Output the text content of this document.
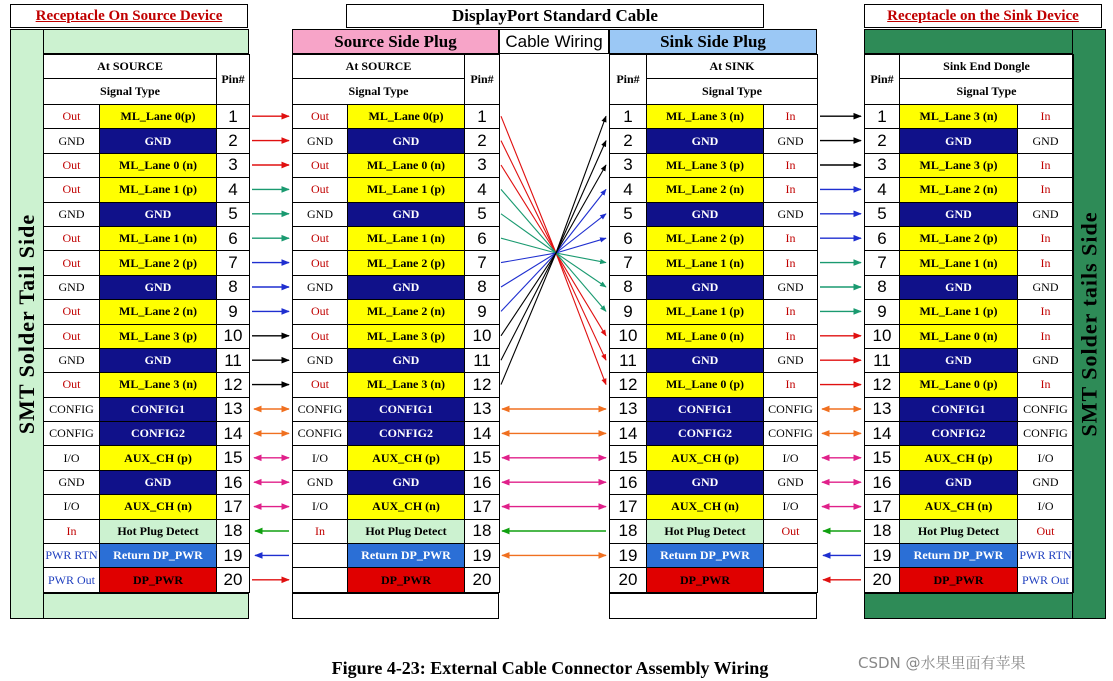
Receptacle On Source Device	DisplayPort Standard Cable	Receptacle on the Sink Device
Source Side Plug	Cable Wiring	Sink Side Plug
SMT Solder Tail Side	SMT Solder tails Side
At SOURCE		Pin#
Signal Type		
Out	ML_Lane 0(p)	1
GND	GND	2
Out	ML_Lane 0 (n)	3
Out	ML_Lane 1 (p)	4
GND	GND	5
Out	ML_Lane 1 (n)	6
Out	ML_Lane 2 (p)	7
GND	GND	8
Out	ML_Lane 2 (n)	9
Out	ML_Lane 3 (p)	10
GND	GND	11
Out	ML_Lane 3 (n)	12
CONFIG	CONFIG1	13
CONFIG	CONFIG2	14
I/O	AUX_CH (p)	15
GND	GND	16
I/O	AUX_CH (n)	17
In	Hot Plug Detect	18
PWR RTN	Return DP_PWR	19
PWR Out	DP_PWR	20
At SOURCE		Pin#
Signal Type		
Out	ML_Lane 0(p)	1
GND	GND	2
Out	ML_Lane 0 (n)	3
Out	ML_Lane 1 (p)	4
GND	GND	5
Out	ML_Lane 1 (n)	6
Out	ML_Lane 2 (p)	7
GND	GND	8
Out	ML_Lane 2 (n)	9
Out	ML_Lane 3 (p)	10
GND	GND	11
Out	ML_Lane 3 (n)	12
CONFIG	CONFIG1	13
CONFIG	CONFIG2	14
I/O	AUX_CH (p)	15
GND	GND	16
I/O	AUX_CH (n)	17
In	Hot Plug Detect	18
	Return DP_PWR	19
	DP_PWR	20
Pin#	At SINK	
	Signal Type	
1	ML_Lane 3 (n)	In
2	GND	GND
3	ML_Lane 3 (p)	In
4	ML_Lane 2 (n)	In
5	GND	GND
6	ML_Lane 2 (p)	In
7	ML_Lane 1 (n)	In
8	GND	GND
9	ML_Lane 1 (p)	In
10	ML_Lane 0 (n)	In
11	GND	GND
12	ML_Lane 0 (p)	In
13	CONFIG1	CONFIG
14	CONFIG2	CONFIG
15	AUX_CH (p)	I/O
16	GND	GND
17	AUX_CH (n)	I/O
18	Hot Plug Detect	Out
19	Return DP_PWR	
20	DP_PWR	
Pin#	Sink End Dongle	
	Signal Type	
1	ML_Lane 3 (n)	In
2	GND	GND
3	ML_Lane 3 (p)	In
4	ML_Lane 2 (n)	In
5	GND	GND
6	ML_Lane 2 (p)	In
7	ML_Lane 1 (n)	In
8	GND	GND
9	ML_Lane 1 (p)	In
10	ML_Lane 0 (n)	In
11	GND	GND
12	ML_Lane 0 (p)	In
13	CONFIG1	CONFIG
14	CONFIG2	CONFIG
15	AUX_CH (p)	I/O
16	GND	GND
17	AUX_CH (n)	I/O
18	Hot Plug Detect	Out
19	Return DP_PWR	PWR RTN
20	DP_PWR	PWR Out
Figure 4-23: External Cable Connector Assembly Wiring	CSDN @水果里面有苹果
